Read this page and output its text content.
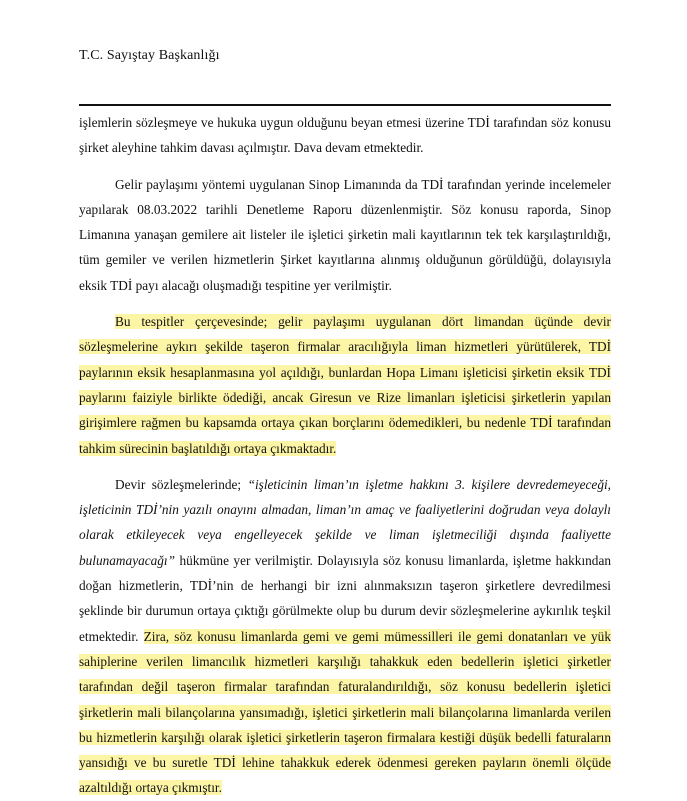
T.C. Sayıştay Başkanlığı

işlemlerin sözleşmeye ve hukuka uygun olduğunu beyan etmesi üzerine TDİ tarafından söz konusu şirket aleyhine tahkim davası açılmıştır. Dava devam etmektedir.

Gelir paylaşımı yöntemi uygulanan Sinop Limanında da TDİ tarafından yerinde incelemeler yapılarak 08.03.2022 tarihli Denetleme Raporu düzenlenmiştir. Söz konusu raporda, Sinop Limanına yanaşan gemilere ait listeler ile işletici şirketin mali kayıtlarının tek tek karşılaştırıldığı, tüm gemiler ve verilen hizmetlerin Şirket kayıtlarına alınmış olduğunun görüldüğü, dolayısıyla eksik TDİ payı alacağı oluşmadığı tespitine yer verilmiştir.

Bu tespitler çerçevesinde; gelir paylaşımı uygulanan dört limandan üçünde devir sözleşmelerine aykırı şekilde taşeron firmalar aracılığıyla liman hizmetleri yürütülerek, TDİ paylarının eksik hesaplanmasına yol açıldığı, bunlardan Hopa Limanı işleticisi şirketin eksik TDİ paylarını faiziyle birlikte ödediği, ancak Giresun ve Rize limanları işleticisi şirketlerin yapılan girişimlere rağmen bu kapsamda ortaya çıkan borçlarını ödemedikleri, bu nedenle TDİ tarafından tahkim sürecinin başlatıldığı ortaya çıkmaktadır.

Devir sözleşmelerinde; “işleticinin liman’ın işletme hakkını 3. kişilere devredemeyeceği, işleticinin TDİ’nin yazılı onayını almadan, liman’ın amaç ve faaliyetlerini doğrudan veya dolaylı olarak etkileyecek veya engelleyecek şekilde ve liman işletmeciliği dışında faaliyette bulunamayacağı” hükmüne yer verilmiştir. Dolayısıyla söz konusu limanlarda, işletme hakkından doğan hizmetlerin, TDİ’nin de herhangi bir izni alınmaksızın taşeron şirketlere devredilmesi şeklinde bir durumun ortaya çıktığı görülmekte olup bu durum devir sözleşmelerine aykırılık teşkil etmektedir. Zira, söz konusu limanlarda gemi ve gemi mümessilleri ile gemi donatanları ve yük sahiplerine verilen limancılık hizmetleri karşılığı tahakkuk eden bedellerin işletici şirketler tarafından değil taşeron firmalar tarafından faturalandırıldığı, söz konusu bedellerin işletici şirketlerin mali bilançolarına yansımadığı, işletici şirketlerin mali bilançolarına limanlarda verilen bu hizmetlerin karşılığı olarak işletici şirketlerin taşeron firmalara kestiği düşük bedelli faturaların yansıdığı ve bu suretle TDİ lehine tahakkuk ederek ödenmesi gereken payların önemli ölçüde azaltıldığı ortaya çıkmıştır.
